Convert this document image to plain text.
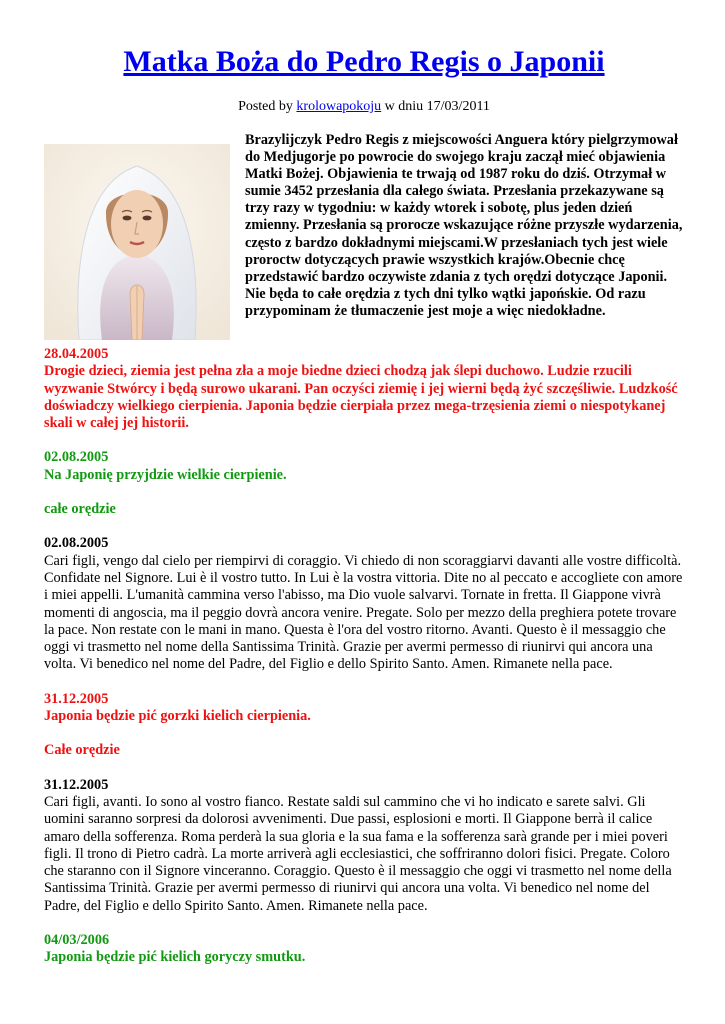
Matka Boża do Pedro Regis o Japonii
Posted by krolowapokoju w dniu 17/03/2011
Brazylijczyk Pedro Regis z miejscowości Anguera który pielgrzymował do Medjugorje po powrocie do swojego kraju zaczął mieć objawienia Matki Bożej. Objawienia te trwają od 1987 roku do dziś. Otrzymał w sumie 3452 przesłania dla całego świata. Przesłania przekazywane są trzy razy w tygodniu: w każdy wtorek i sobotę, plus jeden dzień zmienny. Przesłania są prorocze wskazujące różne przyszłe wydarzenia, często z bardzo dokładnymi miejscami.W przesłaniach tych jest wiele proroctw dotyczących prawie wszystkich krajów.Obecnie chcę przedstawić bardzo oczywiste zdania z tych orędzi dotyczące Japonii. Nie będa to całe orędzia z tych dni tylko wątki japońskie. Od razu przypominam że tłumaczenie jest moje a więc niedokładne.

28.04.2005

Drogie dzieci, ziemia jest pełna zła a moje biedne dzieci chodzą jak ślepi duchowo. Ludzie rzucili wyzwanie Stwórcy i będą surowo ukarani. Pan oczyści ziemię i jej wierni będą żyć szczęśliwie. Ludzkość doświadczy wielkiego cierpienia. Japonia będzie cierpiała przez mega-trzęsienia ziemi o niespotykanej skali w całej jej historii.

02.08.2005

Na Japonię przyjdzie wielkie cierpienie.

całe orędzie

02.08.2005

Cari figli, vengo dal cielo per riempirvi di coraggio. Vi chiedo di non scoraggiarvi davanti alle vostre difficoltà. Confidate nel Signore. Lui è il vostro tutto. In Lui è la vostra vittoria. Dite no al peccato e accogliete con amore i miei appelli. L'umanità cammina verso l'abisso, ma Dio vuole salvarvi. Tornate in fretta. Il Giappone vivrà momenti di angoscia, ma il peggio dovrà ancora venire. Pregate. Solo per mezzo della preghiera potete trovare la pace. Non restate con le mani in mano. Questa è l'ora del vostro ritorno. Avanti. Questo è il messaggio che oggi vi trasmetto nel nome della Santissima Trinità. Grazie per avermi permesso di riunirvi qui ancora una volta. Vi benedico nel nome del Padre, del Figlio e dello Spirito Santo. Amen. Rimanete nella pace.

31.12.2005

Japonia będzie pić gorzki kielich cierpienia.

Całe orędzie

31.12.2005

Cari figli, avanti. Io sono al vostro fianco. Restate saldi sul cammino che vi ho indicato e sarete salvi. Gli uomini saranno sorpresi da dolorosi avvenimenti. Due passi, esplosioni e morti. Il Giappone berrà il calice amaro della sofferenza. Roma perderà la sua gloria e la sua fama e la sofferenza sarà grande per i miei poveri figli. Il trono di Pietro cadrà. La morte arriverà agli ecclesiastici, che soffriranno dolori fisici. Pregate. Coloro che staranno con il Signore vinceranno. Coraggio. Questo è il messaggio che oggi vi trasmetto nel nome della Santissima Trinità. Grazie per avermi permesso di riunirvi qui ancora una volta. Vi benedico nel nome del Padre, del Figlio e dello Spirito Santo. Amen. Rimanete nella pace.

04/03/2006

Japonia będzie pić kielich goryczy smutku.
